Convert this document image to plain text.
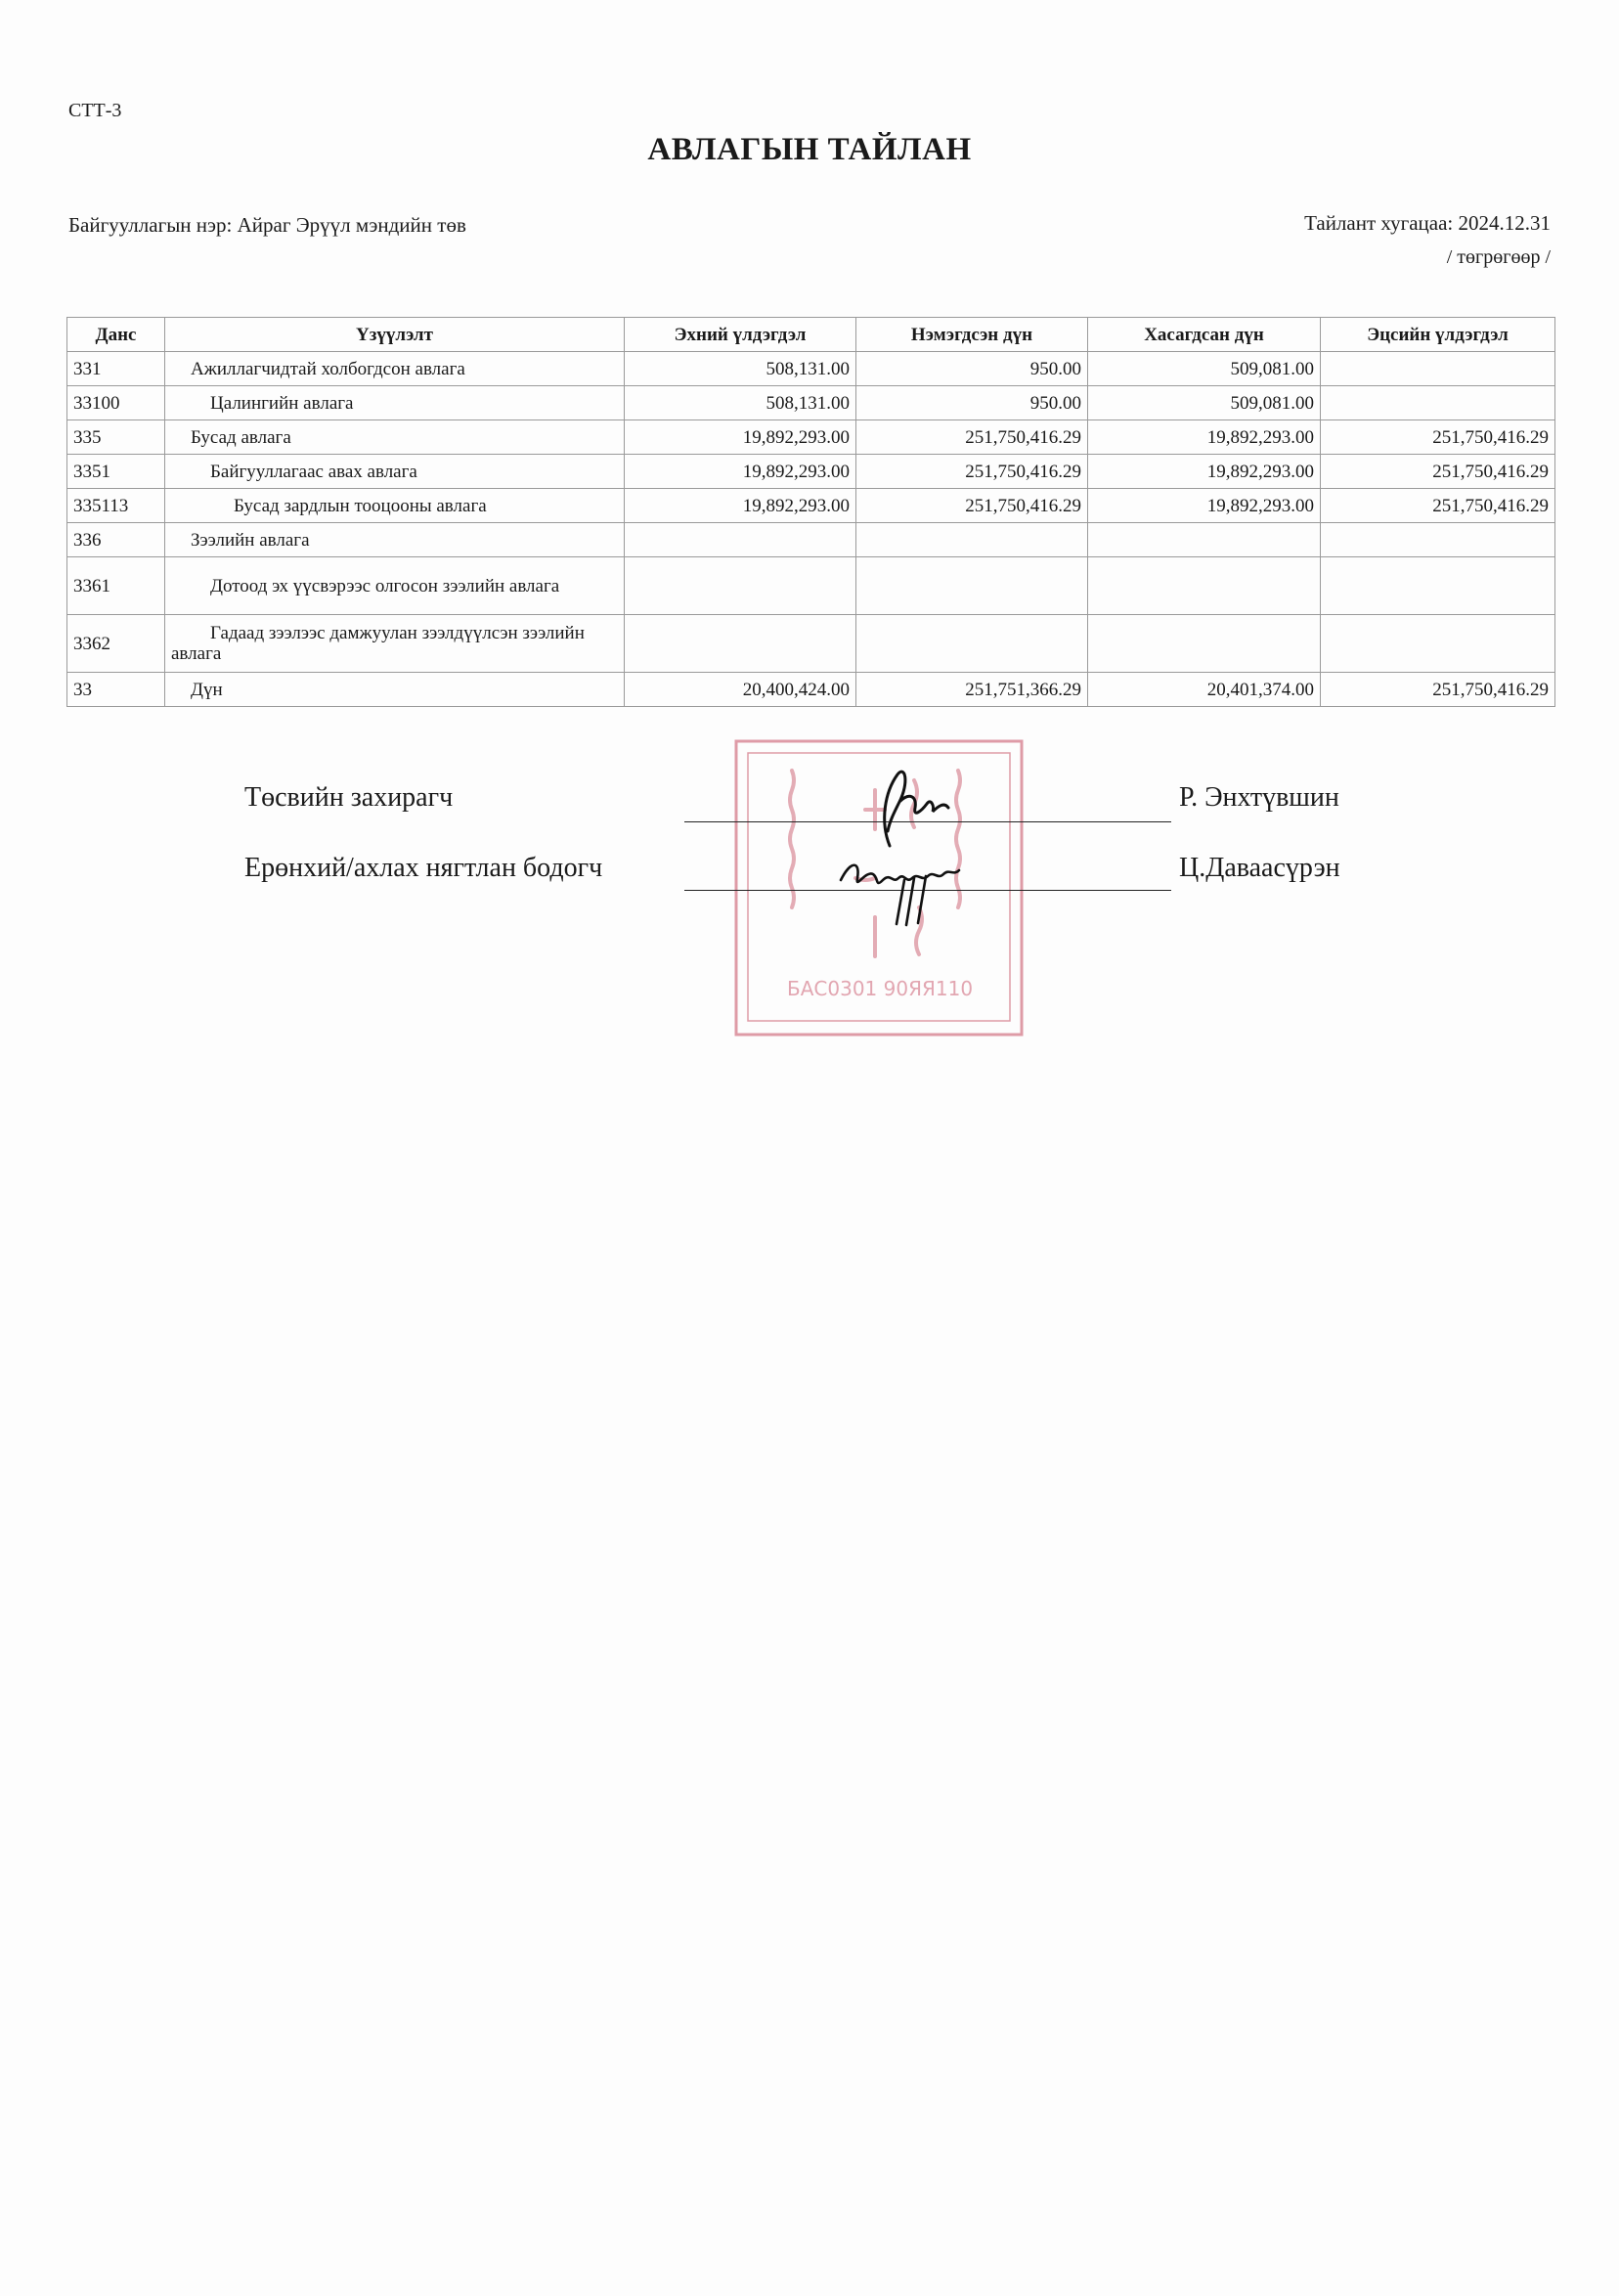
СТТ-3
АВЛАГЫН ТАЙЛАН
Байгууллагын нэр: Айраг Эрүүл мэндийн төв	Тайлант хугацаа: 2024.12.31
/ төгрөгөөр /
Данс	Үзүүлэлт	Эхний үлдэгдэл	Нэмэгдсэн дүн	Хасагдсан дүн	Эцсийн үлдэгдэл
331	Ажиллагчидтай холбогдсон авлага	508,131.00	950.00	509,081.00	
33100	Цалингийн авлага	508,131.00	950.00	509,081.00	
335	Бусад авлага	19,892,293.00	251,750,416.29	19,892,293.00	251,750,416.29
3351	Байгууллагаас авах авлага	19,892,293.00	251,750,416.29	19,892,293.00	251,750,416.29
335113	Бусад зардлын тооцооны авлага	19,892,293.00	251,750,416.29	19,892,293.00	251,750,416.29
336	Зээлийн авлага				
3361	Дотоод эх үүсвэрээс олгосон зээлийн авлага				
3362	Гадаад зээлээс дамжуулан зээлдүүлсэн зээлийн авлага				
33	Дүн	20,400,424.00	251,751,366.29	20,401,374.00	251,750,416.29
БАС0301 90ЯЯ110
Төсвийн захирагч	Р. Энхтүвшин
Ерөнхий/ахлах нягтлан бодогч	Ц.Даваасүрэн
